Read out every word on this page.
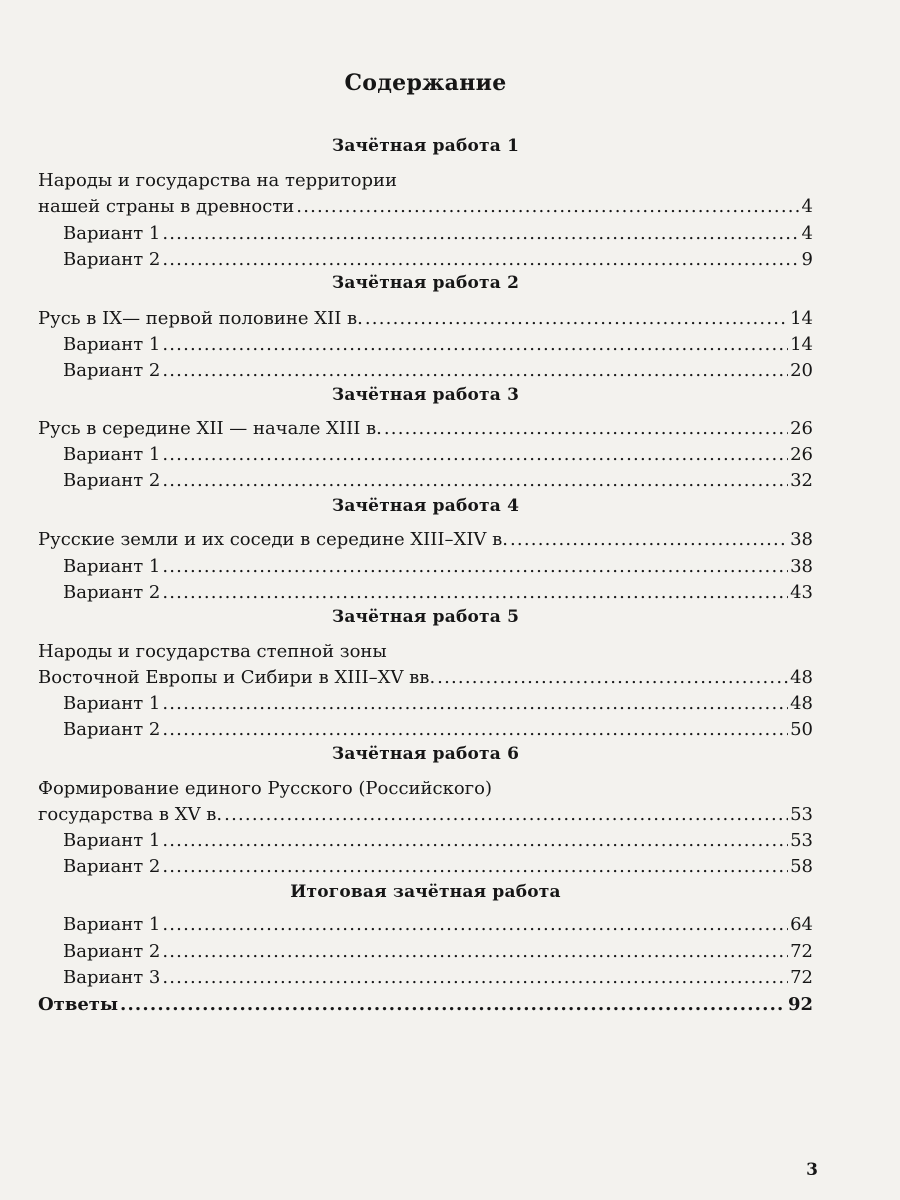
Содержание
Зачётная работа 1
Народы и государства на территории
нашей страны в древности .....	4
Вариант 1 .....	4
Вариант 2 .....	9
Зачётная работа 2
Русь в IX— первой половине XII в. .....	14
Вариант 1 .....	14
Вариант 2 .....	20
Зачётная работа 3
Русь в середине XII — начале XIII в. .....	26
Вариант 1 .....	26
Вариант 2 .....	32
Зачётная работа 4
Русские земли и их соседи в середине XIII–XIV в. .....	38
Вариант 1 .....	38
Вариант 2 .....	43
Зачётная работа 5
Народы и государства степной зоны
Восточной Европы и Сибири в XIII–XV вв. .....	48
Вариант 1 .....	48
Вариант 2 .....	50
Зачётная работа 6
Формирование единого Русского (Российского)
государства в XV в. .....	53
Вариант 1 .....	53
Вариант 2 .....	58
Итоговая зачётная работа
Вариант 1 .....	64
Вариант 2 .....	72
Вариант 3 .....	72
Ответы .....	92
3
